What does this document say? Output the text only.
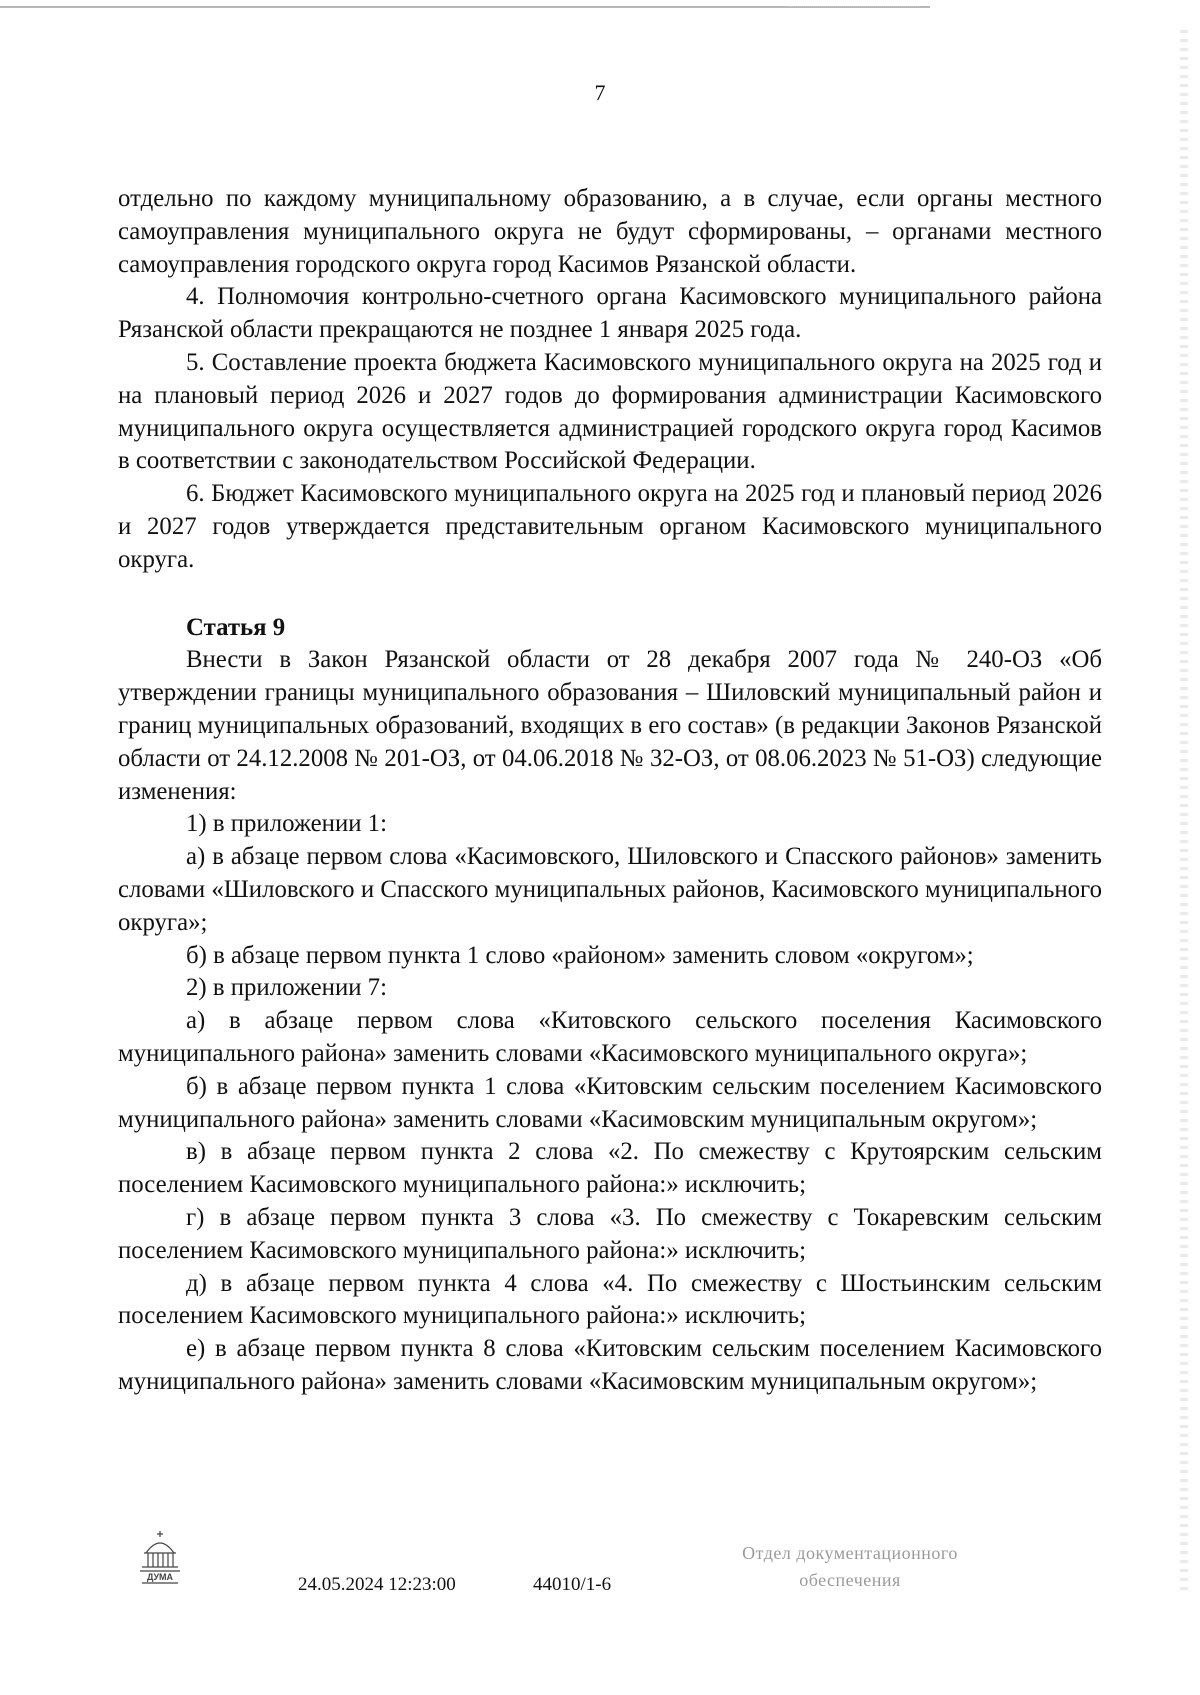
7

отдельно по каждому муниципальному образованию, а в случае, если органы местного самоуправления муниципального округа не будут сформированы, – органами местного самоуправления городского округа город Касимов Рязанской области.

4. Полномочия контрольно-счетного органа Касимовского муниципального района Рязанской области прекращаются не позднее 1 января 2025 года.

5. Составление проекта бюджета Касимовского муниципального округа на 2025 год и на плановый период 2026 и 2027 годов до формирования администрации Касимовского муниципального округа осуществляется администрацией городского округа город Касимов в соответствии с законодательством Российской Федерации.

6. Бюджет Касимовского муниципального округа на 2025 год и плановый период 2026 и 2027 годов утверждается представительным органом Касимовского муниципального округа.

Статья 9

Внести в Закон Рязанской области от 28 декабря 2007 года № 240-ОЗ «Об утверждении границы муниципального образования – Шиловский муниципальный район и границ муниципальных образований, входящих в его состав» (в редакции Законов Рязанской области от 24.12.2008 № 201-ОЗ, от 04.06.2018 № 32-ОЗ, от 08.06.2023 № 51-ОЗ) следующие изменения:

1) в приложении 1:

а) в абзаце первом слова «Касимовского, Шиловского и Спасского районов» заменить словами «Шиловского и Спасского муниципальных районов, Касимовского муниципального округа»;

б) в абзаце первом пункта 1 слово «районом» заменить словом «округом»;

2) в приложении 7:

а) в абзаце первом слова «Китовского сельского поселения Касимовского муниципального района» заменить словами «Касимовского муниципального округа»;

б) в абзаце первом пункта 1 слова «Китовским сельским поселением Касимовского муниципального района» заменить словами «Касимовским муниципальным округом»;

в) в абзаце первом пункта 2 слова «2. По смежеству с Крутоярским сельским поселением Касимовского муниципального района:» исключить;

г) в абзаце первом пункта 3 слова «3. По смежеству с Токаревским сельским поселением Касимовского муниципального района:» исключить;

д) в абзаце первом пункта 4 слова «4. По смежеству с Шостьинским сельским поселением Касимовского муниципального района:» исключить;

е) в абзаце первом пункта 8 слова «Китовским сельским поселением Касимовского муниципального района» заменить словами «Касимовским муниципальным округом»;

ДУМА	24.05.2024 12:23:00	44010/1-6
Отдел документационного
обеспечения
